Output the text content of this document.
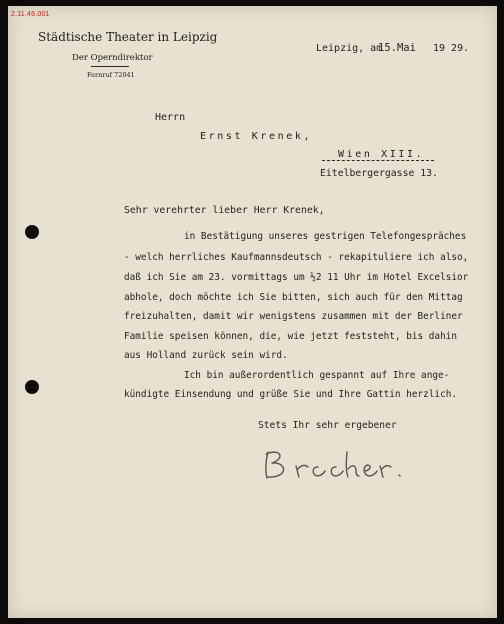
2.11.46.001
Städtische Theater in Leipzig
Der Operndirektor
Fernruf 72041
Leipzig, am
15.Mai 19 29.
Herrn
Ernst Krenek,
Wien XIII.
Eitelbergergasse 13.
Sehr verehrter lieber Herr Krenek,
in Bestätigung unseres gestrigen Telefongespräches
- welch herrliches Kaufmannsdeutsch - rekapituliere ich also,
daß ich Sie am 23. vormittags um ½2 11 Uhr im Hotel Excelsior
abhole, doch möchte ich Sie bitten, sich auch für den Mittag
freizuhalten, damit wir wenigstens zusammen mit der Berliner
Familie speisen können, die, wie jetzt feststeht, bis dahin
aus Holland zurück sein wird.
Ich bin außerordentlich gespannt auf Ihre ange-
kündigte Einsendung und grüße Sie und Ihre Gattin herzlich.
Stets Ihr sehr ergebener
